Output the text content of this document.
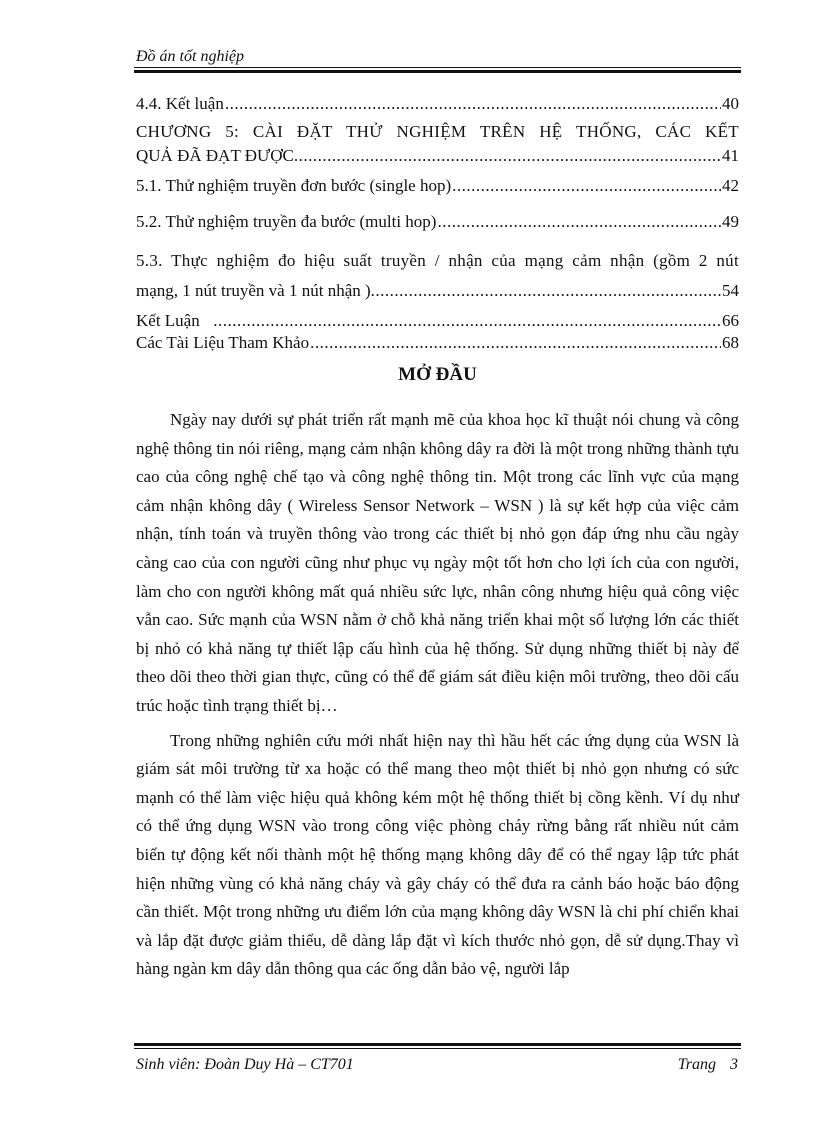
Đồ án tốt nghiệp
4.4. Kết luận .....	40
CHƯƠNG 5: CÀI ĐẶT THỬ NGHIỆM TRÊN HỆ THỐNG, CÁC KẾT
QUẢ ĐÃ ĐẠT ĐƯỢC .....	41
5.1. Thử nghiệm truyền đơn bước (single hop) .....	42
5.2. Thử nghiệm truyền đa bước (multi hop) .....	49
5.3. Thực nghiệm đo hiệu suất truyền / nhận của mạng cảm nhận (gồm 2 nút
mạng, 1 nút truyền và 1 nút nhận ) .....	54
Kết Luận .....	66
Các Tài Liệu Tham Khảo .....	68
MỞ ĐẦU

Ngày nay dưới sự phát triển rất mạnh mẽ của khoa học kĩ thuật nói chung và công nghệ thông tin nói riêng, mạng cảm nhận không dây ra đời là một trong những thành tựu cao của công nghệ chế tạo và công nghệ thông tin. Một trong các lĩnh vực của mạng cảm nhận không dây ( Wireless Sensor Network – WSN ) là sự kết hợp của việc cảm nhận, tính toán và truyền thông vào trong các thiết bị nhỏ gọn đáp ứng nhu cầu ngày càng cao của con người cũng như phục vụ ngày một tốt hơn cho lợi ích của con người, làm cho con người không mất quá nhiều sức lực, nhân công nhưng hiệu quả công việc vẫn cao. Sức mạnh của WSN nằm ở chỗ khả năng triển khai một số lượng lớn các thiết bị nhỏ có khả năng tự thiết lập cấu hình của hệ thống. Sử dụng những thiết bị này để theo dõi theo thời gian thực, cũng có thể để giám sát điều kiện môi trường, theo dõi cấu trúc hoặc tình trạng thiết bị…

Trong những nghiên cứu mới nhất hiện nay thì hầu hết các ứng dụng của WSN là giám sát môi trường từ xa hoặc có thể mang theo một thiết bị nhỏ gọn nhưng có sức mạnh có thể làm việc hiệu quả không kém một hệ thống thiết bị cồng kềnh. Ví dụ như có thể ứng dụng WSN vào trong công việc phòng cháy rừng bằng rất nhiều nút cảm biến tự động kết nối thành một hệ thống mạng không dây để có thể ngay lập tức phát hiện những vùng có khả năng cháy và gây cháy có thể đưa ra cảnh báo hoặc báo động cần thiết. Một trong những ưu điểm lớn của mạng không dây WSN là chi phí chiển khai và lắp đặt được giảm thiểu, dễ dàng lắp đặt vì kích thước nhỏ gọn, dễ sử dụng.Thay vì hàng ngàn km dây dẫn thông qua các ống dẫn bảo vệ, người lắp

Sinh viên: Đoàn Duy Hà – CT701	Trang 3
